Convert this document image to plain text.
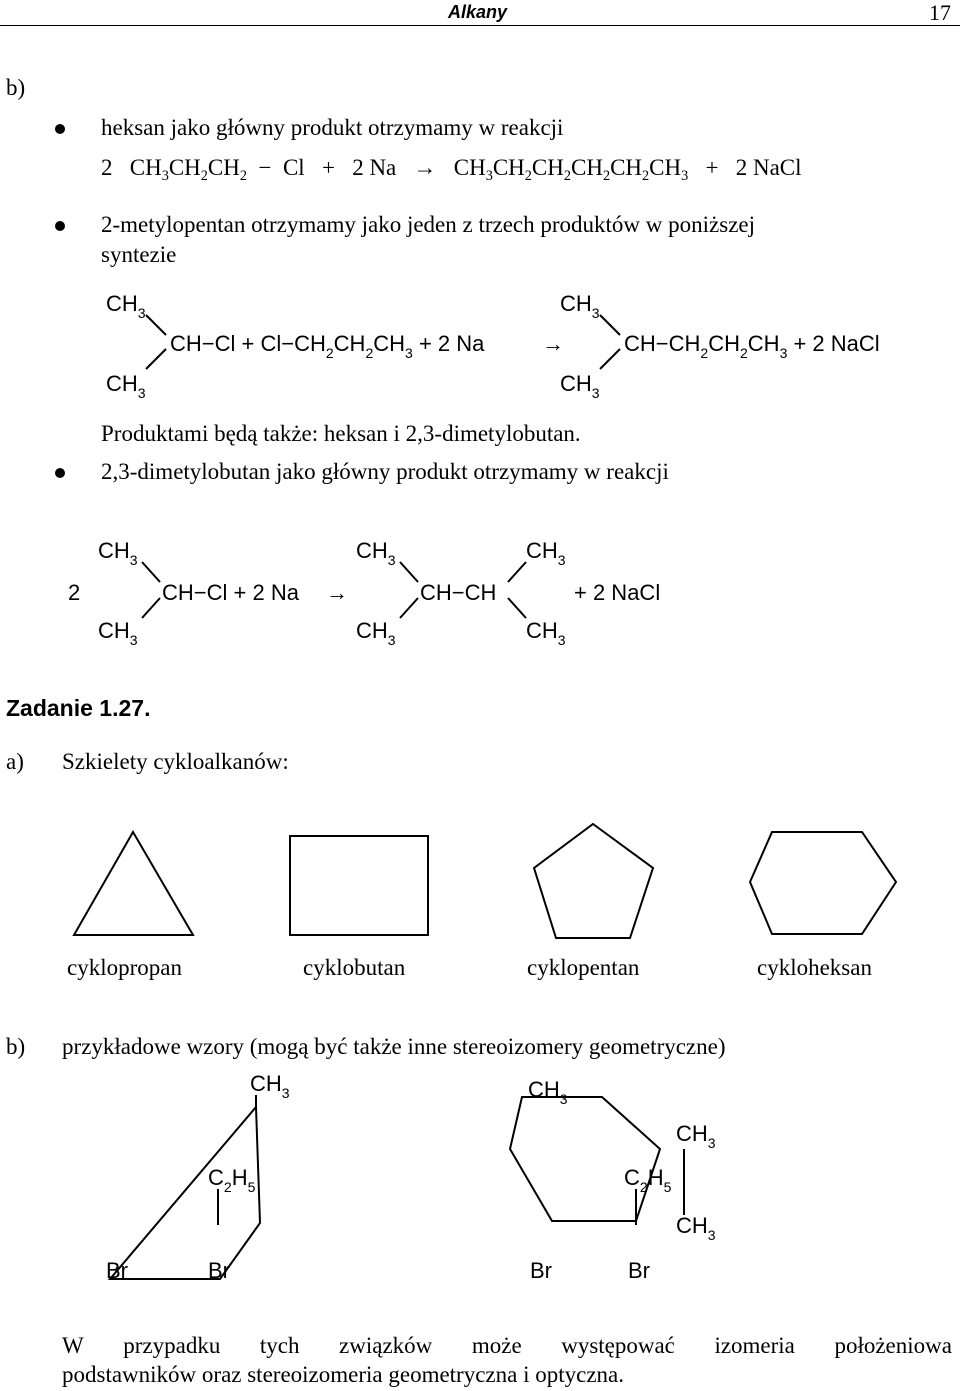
Alkany	17
b)
heksan jako główny produkt otrzymamy w reakcji
2 $CH_3CH_2CH_2 - Cl + 2$ $Na \to CH_3CH_2CH_2CH_2CH_2CH_3 + 2$ NaCl
2-metylopentan otrzymamy jako jeden z trzech produktów w poniższej
syntezie
$CH_3$
$CH_3$
$CH-Cl + Cl-CH_2CH_2CH_3 + 2$ Na	→
$CH_3$
$CH_3$
$CH-CH_2CH_2CH_3 + 2$ NaCl
Produktami będą także: heksan i 2,3-dimetylobutan.
2,3-dimetylobutan jako główny produkt otrzymamy w reakcji
2
$CH_3$
$CH_3$
CH−Cl + 2 Na →
$CH_3$
$CH_3$
CH−CH
$CH_3$
$CH_3$
+ 2 NaCl
Zadanie 1.27.
a) Szkielety cykloalkanów:
cyklopropan	cyklobutan	cyklopentan	cykloheksan
b) przykładowe wzory (mogą być także inne stereoizomery geometryczne)
$CH_3$
$C_2H_5$
Br	Br
$CH_3$
$C_2H_5$
$CH_3$
$CH_3$
Br	Br
W przypadku tych związków może występować izomeria położeniowa
podstawników oraz stereoizomeria geometryczna i optyczna.
